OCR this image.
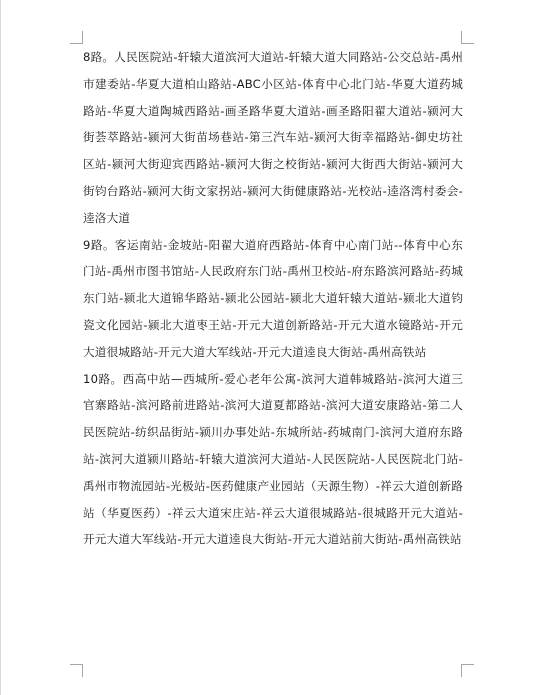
8路。人民医院站-轩辕大道滨河大道站-轩辕大道大同路站-公交总站-禹州市建委站-华夏大道柏山路站-ABC小区站-体育中心北门站-华夏大道药城路站-华夏大道陶城西路站-画圣路华夏大道站-画圣路阳翟大道站-颍河大街荟萃路站-颍河大街苗场巷站-第三汽车站-颍河大街幸福路站-御史坊社区站-颍河大街迎宾西路站-颍河大街之校街站-颍河大街西大街站-颍河大街钧台路站-颍河大街文家拐站-颍河大街健康路站-光校站-逵洛湾村委会-逵洛大道

9路。客运南站-金坡站-阳翟大道府西路站-体育中心南门站--体育中心东门站-禹州市图书馆站-人民政府东门站-禹州卫校站-府东路滨河路站-药城东门站-颍北大道锦华路站-颍北公园站-颍北大道轩辕大道站-颍北大道钧瓷文化园站-颍北大道枣王站-开元大道创新路站-开元大道水镜路站-开元大道很城路站-开元大道大军线站-开元大道逵良大街站-禹州高铁站

10路。西高中站—西城所-爱心老年公寓-滨河大道韩城路站-滨河大道三官寨路站-滨河路前进路站-滨河大道夏都路站-滨河大道安康路站-第二人民医院站-纺织品街站-颍川办事处站-东城所站-药城南门-滨河大道府东路站-滨河大道颍川路站-轩辕大道滨河大道站-人民医院站-人民医院北门站-禹州市物流园站-光极站-医药健康产业园站（天源生物）-祥云大道创新路站（华夏医药）-祥云大道宋庄站-祥云大道很城路站-很城路开元大道站-开元大道大军线站-开元大道逵良大街站-开元大道站前大街站-禹州高铁站
